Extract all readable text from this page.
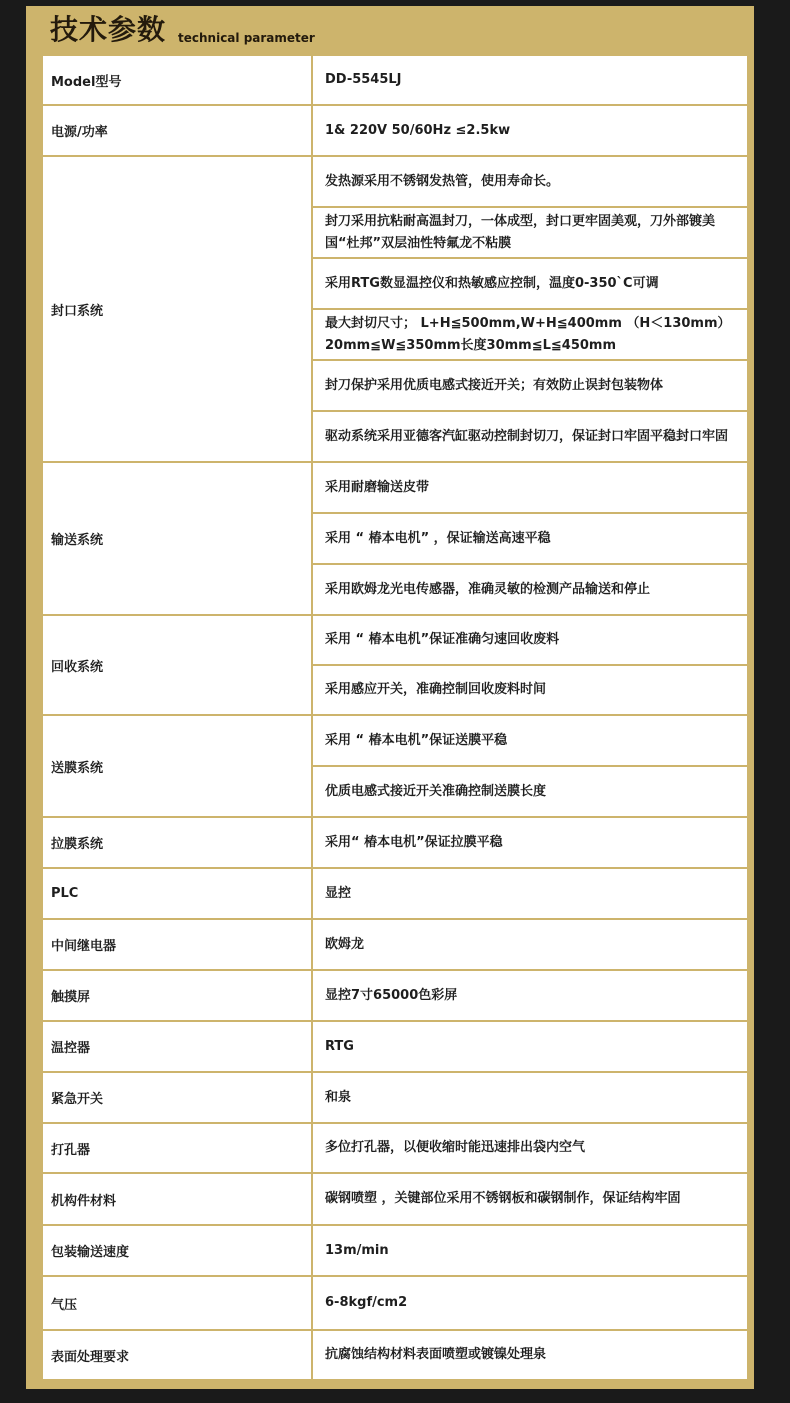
技术参数 technical parameter
Model型号	DD-5545LJ
电源/功率	1& 220V 50/60Hz ≤2.5kw
封口系统	发热源采用不锈钢发热管，使用寿命长。
	封刀采用抗粘耐高温封刀，一体成型，封口更牢固美观，刀外部镀美国“杜邦”双层油性特氟龙不粘膜
	采用RTG数显温控仪和热敏感应控制，温度0-350`C可调
	最大封切尺寸； L+H≦500mm,W+H≦400mm （H＜130mm） 20mm≦W≦350mm长度30mm≦L≦450mm
	封刀保护采用优质电感式接近开关；有效防止误封包装物体
	驱动系统采用亚德客汽缸驱动控制封切刀，保证封口牢固平稳封口牢固
输送系统	采用耐磨输送皮带
	采用 “ 椿本电机” ，保证输送高速平稳
	采用欧姆龙光电传感器，准确灵敏的检测产品输送和停止
回收系统	采用 “ 椿本电机”保证准确匀速回收废料
	采用感应开关，准确控制回收废料时间
送膜系统	采用 “ 椿本电机”保证送膜平稳
	优质电感式接近开关准确控制送膜长度
拉膜系统	采用“ 椿本电机”保证拉膜平稳
PLC	显控
中间继电器	欧姆龙
触摸屏	显控7寸65000色彩屏
温控器	RTG
紧急开关	和泉
打孔器	多位打孔器，以便收缩时能迅速排出袋内空气
机构件材料	碳钢喷塑 ，关键部位采用不锈钢板和碳钢制作，保证结构牢固
包装输送速度	13m/min
气压	6-8kgf/cm2
表面处理要求	抗腐蚀结构材料表面喷塑或镀镍处理泉
